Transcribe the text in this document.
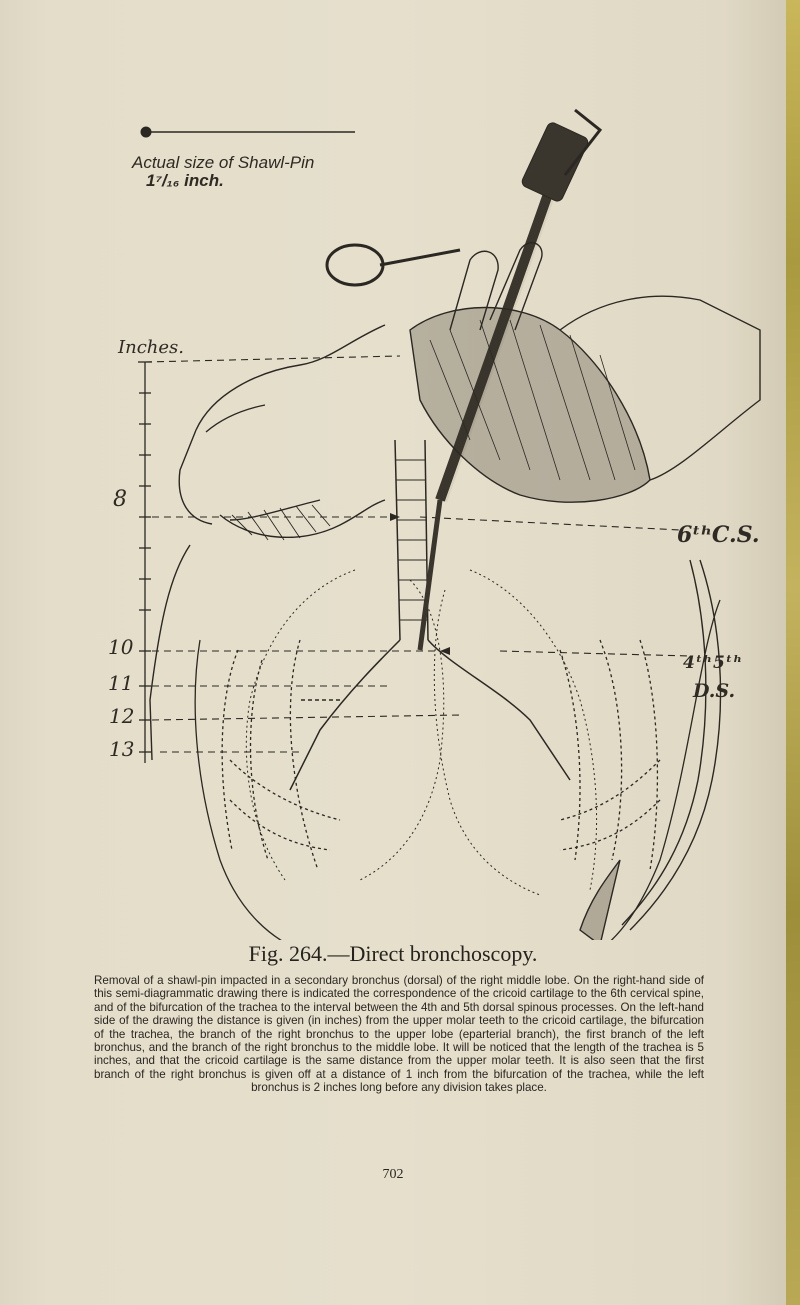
Actual size of Shawl-Pin
1⁷/₁₆ inch.
Inches.
8
10
11
12
13
6ᵗʰC.S.
4ᵗʰ5ᵗʰ
D.S.
Fig. 264.—Direct bronchoscopy.
Removal of a shawl-pin impacted in a secondary bronchus (dorsal) of the right middle lobe. On the right-hand side of this semi-diagrammatic drawing there is indicated the correspondence of the cricoid cartilage to the 6th cervical spine, and of the bifurcation of the trachea to the interval between the 4th and 5th dorsal spinous processes. On the left-hand side of the drawing the distance is given (in inches) from the upper molar teeth to the cricoid cartilage, the bifurcation of the trachea, the branch of the right bronchus to the upper lobe (eparterial branch), the first branch of the left bronchus, and the branch of the right bronchus to the middle lobe. It will be noticed that the length of the trachea is 5 inches, and that the cricoid cartilage is the same distance from the upper molar teeth. It is also seen that the first branch of the right bronchus is given off at a distance of 1 inch from the bifurcation of the trachea, while the left bronchus is 2 inches long before any division takes place.
702
